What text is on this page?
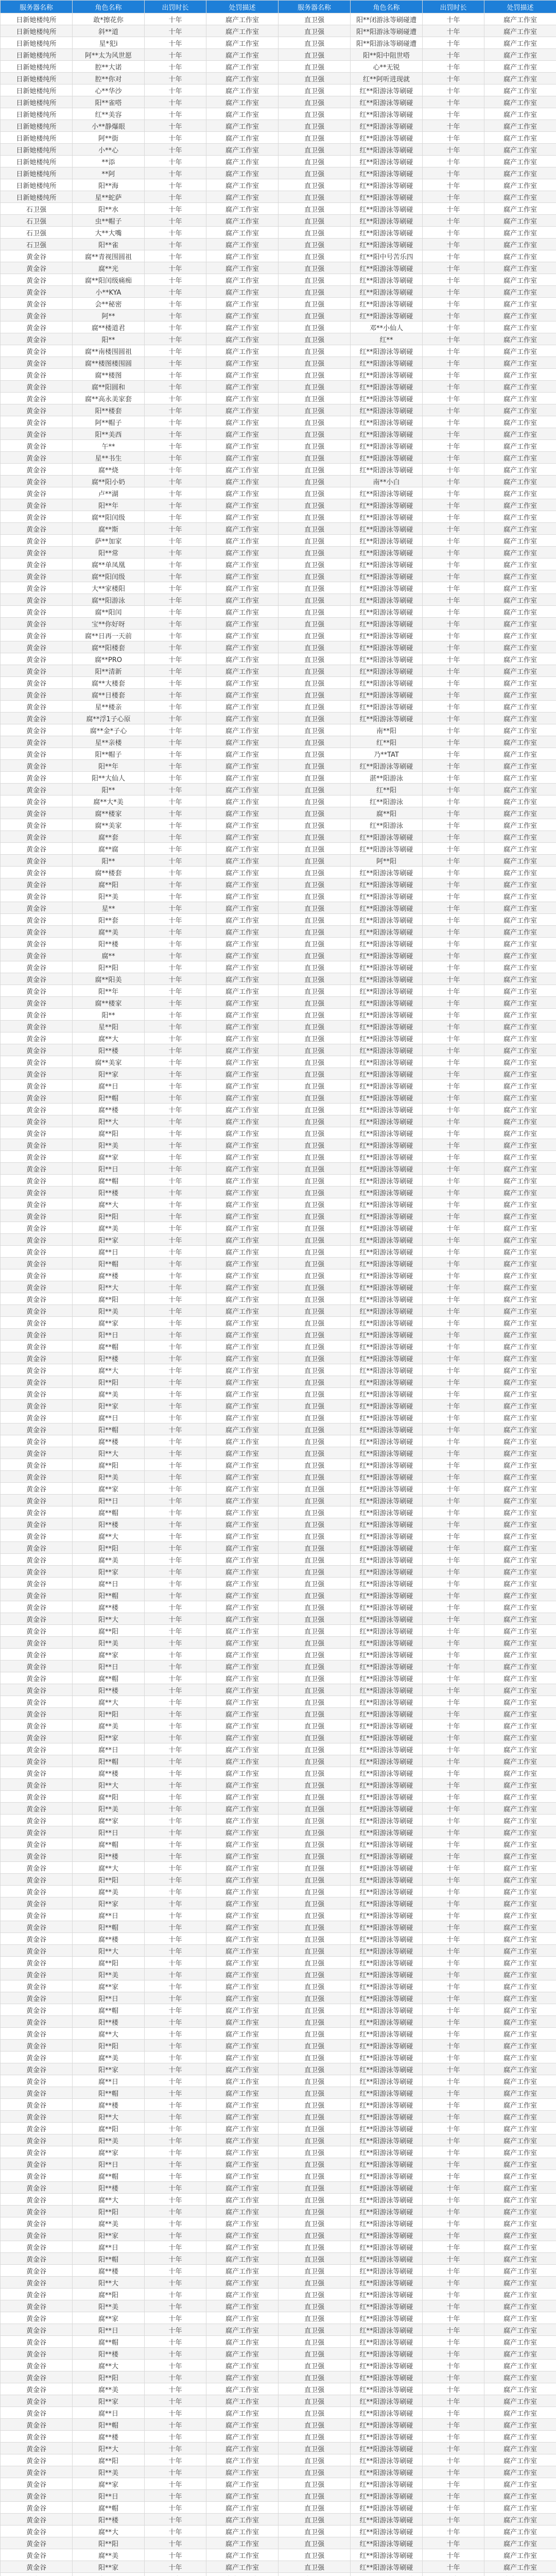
服务器名称	角色名称	出罚时长	处罚描述	服务器名称	角色名称	出罚时长	处罚描述
日新她楼纯所	敢*擦花你	十年	腐产工作室	直卫强	阳**闭游泳等刷碰遭	十年	腐产工作室
日新她楼纯所	斜**道	十年	腐产工作室	直卫强	阳**阳游泳等刷碰遭	十年	腐产工作室
日新她楼纯所	星*犯i	十年	腐产工作室	直卫强	阳**阳游泳等刷碰遭	十年	腐产工作室
日新她楼纯所	阿**太为风世愿	十年	腐产工作室	直卫强	阳**阳中阻世嗒	十年	腐产工作室
日新她楼纯所	腔**大诺	十年	腐产工作室	直卫强	心**无锐	十年	腐产工作室
日新她楼纯所	腔**你对	十年	腐产工作室	直卫强	红**阿听进现就	十年	腐产工作室
日新她楼纯所	心**华沙	十年	腐产工作室	直卫强	红**阳游泳等刷碰	十年	腐产工作室
日新她楼纯所	阳**雀嗒	十年	腐产工作室	直卫强	红**阳游泳等刷碰	十年	腐产工作室
日新她楼纯所	红**美容	十年	腐产工作室	直卫强	红**阳游泳等刷碰	十年	腐产工作室
日新她楼纯所	小**静爆眼	十年	腐产工作室	直卫强	红**阳游泳等刷碰	十年	腐产工作室
日新她楼纯所	阿**街	十年	腐产工作室	直卫强	红**阳游泳等刷碰	十年	腐产工作室
日新她楼纯所	小**心	十年	腐产工作室	直卫强	红**阳游泳等刷碰	十年	腐产工作室
日新她楼纯所	**添	十年	腐产工作室	直卫强	红**阳游泳等刷碰	十年	腐产工作室
日新她楼纯所	**阿	十年	腐产工作室	直卫强	红**阳游泳等刷碰	十年	腐产工作室
日新她楼纯所	阳**海	十年	腐产工作室	直卫强	红**阳游泳等刷碰	十年	腐产工作室
日新她楼纯所	星**蛇萨	十年	腐产工作室	直卫强	红**阳游泳等刷碰	十年	腐产工作室
石卫强	阳**水	十年	腐产工作室	直卫强	红**阳游泳等刷碰	十年	腐产工作室
石卫强	虫**帽子	十年	腐产工作室	直卫强	红**阳游泳等刷碰	十年	腐产工作室
石卫强	大**大嘴	十年	腐产工作室	直卫强	红**阳游泳等刷碰	十年	腐产工作室
石卫强	阳**雀	十年	腐产工作室	直卫强	红**阳游泳等刷碰	十年	腐产工作室
黄金谷	腐**青视围圆祖	十年	腐产工作室	直卫强	红**阳中号苦乐四	十年	腐产工作室
黄金谷	腐**光	十年	腐产工作室	直卫强	红**阳游泳等刷碰	十年	腐产工作室
黄金谷	腐**阳闰级痛痴	十年	腐产工作室	直卫强	红**阳游泳等刷碰	十年	腐产工作室
黄金谷	小**KYA	十年	腐产工作室	直卫强	红**阳游泳等刷碰	十年	腐产工作室
黄金谷	会**秘密	十年	腐产工作室	直卫强	红**阳游泳等刷碰	十年	腐产工作室
黄金谷	阿**	十年	腐产工作室	直卫强	红**阳游泳等刷碰	十年	腐产工作室
黄金谷	腐**楼道君	十年	腐产工作室	直卫强	邓**小仙人	十年	腐产工作室
黄金谷	阳**	十年	腐产工作室	直卫强	红**	十年	腐产工作室
黄金谷	腐**南楼围圆祖	十年	腐产工作室	直卫强	红**阳游泳等刷碰	十年	腐产工作室
黄金谷	腐**楼图楼围圆	十年	腐产工作室	直卫强	红**阳游泳等刷碰	十年	腐产工作室
黄金谷	腐**楼图	十年	腐产工作室	直卫强	红**阳游泳等刷碰	十年	腐产工作室
黄金谷	腐**阳圆和	十年	腐产工作室	直卫强	红**阳游泳等刷碰	十年	腐产工作室
黄金谷	腐**高永美家套	十年	腐产工作室	直卫强	红**阳游泳等刷碰	十年	腐产工作室
黄金谷	阳**楼套	十年	腐产工作室	直卫强	红**阳游泳等刷碰	十年	腐产工作室
黄金谷	阿**帽子	十年	腐产工作室	直卫强	红**阳游泳等刷碰	十年	腐产工作室
黄金谷	阳**美西	十年	腐产工作室	直卫强	红**阳游泳等刷碰	十年	腐产工作室
黄金谷	午**	十年	腐产工作室	直卫强	红**阳游泳等刷碰	十年	腐产工作室
黄金谷	星**书生	十年	腐产工作室	直卫强	红**阳游泳等刷碰	十年	腐产工作室
黄金谷	腐**烧	十年	腐产工作室	直卫强	红**阳游泳等刷碰	十年	腐产工作室
黄金谷	腐**阳小奶	十年	腐产工作室	直卫强	南**小白	十年	腐产工作室
黄金谷	卢**湖	十年	腐产工作室	直卫强	红**阳游泳等刷碰	十年	腐产工作室
黄金谷	阳**年	十年	腐产工作室	直卫强	红**阳游泳等刷碰	十年	腐产工作室
黄金谷	腐**阳闰级	十年	腐产工作室	直卫强	红**阳游泳等刷碰	十年	腐产工作室
黄金谷	腐**斯	十年	腐产工作室	直卫强	红**阳游泳等刷碰	十年	腐产工作室
黄金谷	萨**加家	十年	腐产工作室	直卫强	红**阳游泳等刷碰	十年	腐产工作室
黄金谷	阳**常	十年	腐产工作室	直卫强	红**阳游泳等刷碰	十年	腐产工作室
黄金谷	腐**单凤凰	十年	腐产工作室	直卫强	红**阳游泳等刷碰	十年	腐产工作室
黄金谷	腐**阳闰级	十年	腐产工作室	直卫强	红**阳游泳等刷碰	十年	腐产工作室
黄金谷	大**家楼阳	十年	腐产工作室	直卫强	红**阳游泳等刷碰	十年	腐产工作室
黄金谷	腐**阳游泳	十年	腐产工作室	直卫强	红**阳游泳等刷碰	十年	腐产工作室
黄金谷	腐**阳闰	十年	腐产工作室	直卫强	红**阳游泳等刷碰	十年	腐产工作室
黄金谷	宝**你好呀	十年	腐产工作室	直卫强	红**阳游泳等刷碰	十年	腐产工作室
黄金谷	腐**日再一天前	十年	腐产工作室	直卫强	红**阳游泳等刷碰	十年	腐产工作室
黄金谷	腐**阳楼套	十年	腐产工作室	直卫强	红**阳游泳等刷碰	十年	腐产工作室
黄金谷	腐**PRO	十年	腐产工作室	直卫强	红**阳游泳等刷碰	十年	腐产工作室
黄金谷	阳**清新	十年	腐产工作室	直卫强	红**阳游泳等刷碰	十年	腐产工作室
黄金谷	腐**大楼套	十年	腐产工作室	直卫强	红**阳游泳等刷碰	十年	腐产工作室
黄金谷	腐**日楼套	十年	腐产工作室	直卫强	红**阳游泳等刷碰	十年	腐产工作室
黄金谷	星**楼亲	十年	腐产工作室	直卫强	红**阳游泳等刷碰	十年	腐产工作室
黄金谷	腐**浮1子心原	十年	腐产工作室	直卫强	红**阳游泳等刷碰	十年	腐产工作室
黄金谷	腐**金*子心	十年	腐产工作室	直卫强	南**阳	十年	腐产工作室
黄金谷	星**亲楼	十年	腐产工作室	直卫强	红**阳	十年	腐产工作室
黄金谷	阳**帽子	十年	腐产工作室	直卫强	乃**TAT	十年	腐产工作室
黄金谷	阳**年	十年	腐产工作室	直卫强	红**阳游泳等刷碰	十年	腐产工作室
黄金谷	阳**大仙人	十年	腐产工作室	直卫强	湛**阳游泳	十年	腐产工作室
黄金谷	阳**	十年	腐产工作室	直卫强	红**阳	十年	腐产工作室
黄金谷	腐**大*美	十年	腐产工作室	直卫强	红**阳游泳	十年	腐产工作室
黄金谷	腐**楼家	十年	腐产工作室	直卫强	腐**阳	十年	腐产工作室
黄金谷	腐**美家	十年	腐产工作室	直卫强	红**阳游泳	十年	腐产工作室
黄金谷	腐**套	十年	腐产工作室	直卫强	红**阳游泳等刷碰	十年	腐产工作室
黄金谷	腐**腐	十年	腐产工作室	直卫强	红**阳游泳等刷碰	十年	腐产工作室
黄金谷	阳**	十年	腐产工作室	直卫强	阿**阳	十年	腐产工作室
黄金谷	腐**楼套	十年	腐产工作室	直卫强	红**阳游泳等刷碰	十年	腐产工作室
黄金谷	腐**阳	十年	腐产工作室	直卫强	红**阳游泳等刷碰	十年	腐产工作室
黄金谷	阳**美	十年	腐产工作室	直卫强	红**阳游泳等刷碰	十年	腐产工作室
黄金谷	星**	十年	腐产工作室	直卫强	红**阳游泳等刷碰	十年	腐产工作室
黄金谷	阳**套	十年	腐产工作室	直卫强	红**阳游泳等刷碰	十年	腐产工作室
黄金谷	腐**美	十年	腐产工作室	直卫强	红**阳游泳等刷碰	十年	腐产工作室
黄金谷	阳**楼	十年	腐产工作室	直卫强	红**阳游泳等刷碰	十年	腐产工作室
黄金谷	腐**	十年	腐产工作室	直卫强	红**阳游泳等刷碰	十年	腐产工作室
黄金谷	阳**阳	十年	腐产工作室	直卫强	红**阳游泳等刷碰	十年	腐产工作室
黄金谷	腐**阳美	十年	腐产工作室	直卫强	红**阳游泳等刷碰	十年	腐产工作室
黄金谷	阳**年	十年	腐产工作室	直卫强	红**阳游泳等刷碰	十年	腐产工作室
黄金谷	腐**楼家	十年	腐产工作室	直卫强	红**阳游泳等刷碰	十年	腐产工作室
黄金谷	阳**	十年	腐产工作室	直卫强	红**阳游泳等刷碰	十年	腐产工作室
黄金谷	星**阳	十年	腐产工作室	直卫强	红**阳游泳等刷碰	十年	腐产工作室
黄金谷	腐**大	十年	腐产工作室	直卫强	红**阳游泳等刷碰	十年	腐产工作室
黄金谷	阳**楼	十年	腐产工作室	直卫强	红**阳游泳等刷碰	十年	腐产工作室
黄金谷	腐**美家	十年	腐产工作室	直卫强	红**阳游泳等刷碰	十年	腐产工作室
黄金谷	阳**家	十年	腐产工作室	直卫强	红**阳游泳等刷碰	十年	腐产工作室
黄金谷	腐**日	十年	腐产工作室	直卫强	红**阳游泳等刷碰	十年	腐产工作室
黄金谷	阳**帽	十年	腐产工作室	直卫强	红**阳游泳等刷碰	十年	腐产工作室
黄金谷	腐**楼	十年	腐产工作室	直卫强	红**阳游泳等刷碰	十年	腐产工作室
黄金谷	阳**大	十年	腐产工作室	直卫强	红**阳游泳等刷碰	十年	腐产工作室
黄金谷	腐**阳	十年	腐产工作室	直卫强	红**阳游泳等刷碰	十年	腐产工作室
黄金谷	阳**美	十年	腐产工作室	直卫强	红**阳游泳等刷碰	十年	腐产工作室
黄金谷	腐**家	十年	腐产工作室	直卫强	红**阳游泳等刷碰	十年	腐产工作室
黄金谷	阳**日	十年	腐产工作室	直卫强	红**阳游泳等刷碰	十年	腐产工作室
黄金谷	腐**帽	十年	腐产工作室	直卫强	红**阳游泳等刷碰	十年	腐产工作室
黄金谷	阳**楼	十年	腐产工作室	直卫强	红**阳游泳等刷碰	十年	腐产工作室
黄金谷	腐**大	十年	腐产工作室	直卫强	红**阳游泳等刷碰	十年	腐产工作室
黄金谷	阳**阳	十年	腐产工作室	直卫强	红**阳游泳等刷碰	十年	腐产工作室
黄金谷	腐**美	十年	腐产工作室	直卫强	红**阳游泳等刷碰	十年	腐产工作室
黄金谷	阳**家	十年	腐产工作室	直卫强	红**阳游泳等刷碰	十年	腐产工作室
黄金谷	腐**日	十年	腐产工作室	直卫强	红**阳游泳等刷碰	十年	腐产工作室
黄金谷	阳**帽	十年	腐产工作室	直卫强	红**阳游泳等刷碰	十年	腐产工作室
黄金谷	腐**楼	十年	腐产工作室	直卫强	红**阳游泳等刷碰	十年	腐产工作室
黄金谷	阳**大	十年	腐产工作室	直卫强	红**阳游泳等刷碰	十年	腐产工作室
黄金谷	腐**阳	十年	腐产工作室	直卫强	红**阳游泳等刷碰	十年	腐产工作室
黄金谷	阳**美	十年	腐产工作室	直卫强	红**阳游泳等刷碰	十年	腐产工作室
黄金谷	腐**家	十年	腐产工作室	直卫强	红**阳游泳等刷碰	十年	腐产工作室
黄金谷	阳**日	十年	腐产工作室	直卫强	红**阳游泳等刷碰	十年	腐产工作室
黄金谷	腐**帽	十年	腐产工作室	直卫强	红**阳游泳等刷碰	十年	腐产工作室
黄金谷	阳**楼	十年	腐产工作室	直卫强	红**阳游泳等刷碰	十年	腐产工作室
黄金谷	腐**大	十年	腐产工作室	直卫强	红**阳游泳等刷碰	十年	腐产工作室
黄金谷	阳**阳	十年	腐产工作室	直卫强	红**阳游泳等刷碰	十年	腐产工作室
黄金谷	腐**美	十年	腐产工作室	直卫强	红**阳游泳等刷碰	十年	腐产工作室
黄金谷	阳**家	十年	腐产工作室	直卫强	红**阳游泳等刷碰	十年	腐产工作室
黄金谷	腐**日	十年	腐产工作室	直卫强	红**阳游泳等刷碰	十年	腐产工作室
黄金谷	阳**帽	十年	腐产工作室	直卫强	红**阳游泳等刷碰	十年	腐产工作室
黄金谷	腐**楼	十年	腐产工作室	直卫强	红**阳游泳等刷碰	十年	腐产工作室
黄金谷	阳**大	十年	腐产工作室	直卫强	红**阳游泳等刷碰	十年	腐产工作室
黄金谷	腐**阳	十年	腐产工作室	直卫强	红**阳游泳等刷碰	十年	腐产工作室
黄金谷	阳**美	十年	腐产工作室	直卫强	红**阳游泳等刷碰	十年	腐产工作室
黄金谷	腐**家	十年	腐产工作室	直卫强	红**阳游泳等刷碰	十年	腐产工作室
黄金谷	阳**日	十年	腐产工作室	直卫强	红**阳游泳等刷碰	十年	腐产工作室
黄金谷	腐**帽	十年	腐产工作室	直卫强	红**阳游泳等刷碰	十年	腐产工作室
黄金谷	阳**楼	十年	腐产工作室	直卫强	红**阳游泳等刷碰	十年	腐产工作室
黄金谷	腐**大	十年	腐产工作室	直卫强	红**阳游泳等刷碰	十年	腐产工作室
黄金谷	阳**阳	十年	腐产工作室	直卫强	红**阳游泳等刷碰	十年	腐产工作室
黄金谷	腐**美	十年	腐产工作室	直卫强	红**阳游泳等刷碰	十年	腐产工作室
黄金谷	阳**家	十年	腐产工作室	直卫强	红**阳游泳等刷碰	十年	腐产工作室
黄金谷	腐**日	十年	腐产工作室	直卫强	红**阳游泳等刷碰	十年	腐产工作室
黄金谷	阳**帽	十年	腐产工作室	直卫强	红**阳游泳等刷碰	十年	腐产工作室
黄金谷	腐**楼	十年	腐产工作室	直卫强	红**阳游泳等刷碰	十年	腐产工作室
黄金谷	阳**大	十年	腐产工作室	直卫强	红**阳游泳等刷碰	十年	腐产工作室
黄金谷	腐**阳	十年	腐产工作室	直卫强	红**阳游泳等刷碰	十年	腐产工作室
黄金谷	阳**美	十年	腐产工作室	直卫强	红**阳游泳等刷碰	十年	腐产工作室
黄金谷	腐**家	十年	腐产工作室	直卫强	红**阳游泳等刷碰	十年	腐产工作室
黄金谷	阳**日	十年	腐产工作室	直卫强	红**阳游泳等刷碰	十年	腐产工作室
黄金谷	腐**帽	十年	腐产工作室	直卫强	红**阳游泳等刷碰	十年	腐产工作室
黄金谷	阳**楼	十年	腐产工作室	直卫强	红**阳游泳等刷碰	十年	腐产工作室
黄金谷	腐**大	十年	腐产工作室	直卫强	红**阳游泳等刷碰	十年	腐产工作室
黄金谷	阳**阳	十年	腐产工作室	直卫强	红**阳游泳等刷碰	十年	腐产工作室
黄金谷	腐**美	十年	腐产工作室	直卫强	红**阳游泳等刷碰	十年	腐产工作室
黄金谷	阳**家	十年	腐产工作室	直卫强	红**阳游泳等刷碰	十年	腐产工作室
黄金谷	腐**日	十年	腐产工作室	直卫强	红**阳游泳等刷碰	十年	腐产工作室
黄金谷	阳**帽	十年	腐产工作室	直卫强	红**阳游泳等刷碰	十年	腐产工作室
黄金谷	腐**楼	十年	腐产工作室	直卫强	红**阳游泳等刷碰	十年	腐产工作室
黄金谷	阳**大	十年	腐产工作室	直卫强	红**阳游泳等刷碰	十年	腐产工作室
黄金谷	腐**阳	十年	腐产工作室	直卫强	红**阳游泳等刷碰	十年	腐产工作室
黄金谷	阳**美	十年	腐产工作室	直卫强	红**阳游泳等刷碰	十年	腐产工作室
黄金谷	腐**家	十年	腐产工作室	直卫强	红**阳游泳等刷碰	十年	腐产工作室
黄金谷	阳**日	十年	腐产工作室	直卫强	红**阳游泳等刷碰	十年	腐产工作室
黄金谷	腐**帽	十年	腐产工作室	直卫强	红**阳游泳等刷碰	十年	腐产工作室
黄金谷	阳**楼	十年	腐产工作室	直卫强	红**阳游泳等刷碰	十年	腐产工作室
黄金谷	腐**大	十年	腐产工作室	直卫强	红**阳游泳等刷碰	十年	腐产工作室
黄金谷	阳**阳	十年	腐产工作室	直卫强	红**阳游泳等刷碰	十年	腐产工作室
黄金谷	腐**美	十年	腐产工作室	直卫强	红**阳游泳等刷碰	十年	腐产工作室
黄金谷	阳**家	十年	腐产工作室	直卫强	红**阳游泳等刷碰	十年	腐产工作室
黄金谷	腐**日	十年	腐产工作室	直卫强	红**阳游泳等刷碰	十年	腐产工作室
黄金谷	阳**帽	十年	腐产工作室	直卫强	红**阳游泳等刷碰	十年	腐产工作室
黄金谷	腐**楼	十年	腐产工作室	直卫强	红**阳游泳等刷碰	十年	腐产工作室
黄金谷	阳**大	十年	腐产工作室	直卫强	红**阳游泳等刷碰	十年	腐产工作室
黄金谷	腐**阳	十年	腐产工作室	直卫强	红**阳游泳等刷碰	十年	腐产工作室
黄金谷	阳**美	十年	腐产工作室	直卫强	红**阳游泳等刷碰	十年	腐产工作室
黄金谷	腐**家	十年	腐产工作室	直卫强	红**阳游泳等刷碰	十年	腐产工作室
黄金谷	阳**日	十年	腐产工作室	直卫强	红**阳游泳等刷碰	十年	腐产工作室
黄金谷	腐**帽	十年	腐产工作室	直卫强	红**阳游泳等刷碰	十年	腐产工作室
黄金谷	阳**楼	十年	腐产工作室	直卫强	红**阳游泳等刷碰	十年	腐产工作室
黄金谷	腐**大	十年	腐产工作室	直卫强	红**阳游泳等刷碰	十年	腐产工作室
黄金谷	阳**阳	十年	腐产工作室	直卫强	红**阳游泳等刷碰	十年	腐产工作室
黄金谷	腐**美	十年	腐产工作室	直卫强	红**阳游泳等刷碰	十年	腐产工作室
黄金谷	阳**家	十年	腐产工作室	直卫强	红**阳游泳等刷碰	十年	腐产工作室
黄金谷	腐**日	十年	腐产工作室	直卫强	红**阳游泳等刷碰	十年	腐产工作室
黄金谷	阳**帽	十年	腐产工作室	直卫强	红**阳游泳等刷碰	十年	腐产工作室
黄金谷	腐**楼	十年	腐产工作室	直卫强	红**阳游泳等刷碰	十年	腐产工作室
黄金谷	阳**大	十年	腐产工作室	直卫强	红**阳游泳等刷碰	十年	腐产工作室
黄金谷	腐**阳	十年	腐产工作室	直卫强	红**阳游泳等刷碰	十年	腐产工作室
黄金谷	阳**美	十年	腐产工作室	直卫强	红**阳游泳等刷碰	十年	腐产工作室
黄金谷	腐**家	十年	腐产工作室	直卫强	红**阳游泳等刷碰	十年	腐产工作室
黄金谷	阳**日	十年	腐产工作室	直卫强	红**阳游泳等刷碰	十年	腐产工作室
黄金谷	腐**帽	十年	腐产工作室	直卫强	红**阳游泳等刷碰	十年	腐产工作室
黄金谷	阳**楼	十年	腐产工作室	直卫强	红**阳游泳等刷碰	十年	腐产工作室
黄金谷	腐**大	十年	腐产工作室	直卫强	红**阳游泳等刷碰	十年	腐产工作室
黄金谷	阳**阳	十年	腐产工作室	直卫强	红**阳游泳等刷碰	十年	腐产工作室
黄金谷	腐**美	十年	腐产工作室	直卫强	红**阳游泳等刷碰	十年	腐产工作室
黄金谷	阳**家	十年	腐产工作室	直卫强	红**阳游泳等刷碰	十年	腐产工作室
黄金谷	腐**日	十年	腐产工作室	直卫强	红**阳游泳等刷碰	十年	腐产工作室
黄金谷	阳**帽	十年	腐产工作室	直卫强	红**阳游泳等刷碰	十年	腐产工作室
黄金谷	腐**楼	十年	腐产工作室	直卫强	红**阳游泳等刷碰	十年	腐产工作室
黄金谷	阳**大	十年	腐产工作室	直卫强	红**阳游泳等刷碰	十年	腐产工作室
黄金谷	腐**阳	十年	腐产工作室	直卫强	红**阳游泳等刷碰	十年	腐产工作室
黄金谷	阳**美	十年	腐产工作室	直卫强	红**阳游泳等刷碰	十年	腐产工作室
黄金谷	腐**家	十年	腐产工作室	直卫强	红**阳游泳等刷碰	十年	腐产工作室
黄金谷	阳**日	十年	腐产工作室	直卫强	红**阳游泳等刷碰	十年	腐产工作室
黄金谷	腐**帽	十年	腐产工作室	直卫强	红**阳游泳等刷碰	十年	腐产工作室
黄金谷	阳**楼	十年	腐产工作室	直卫强	红**阳游泳等刷碰	十年	腐产工作室
黄金谷	腐**大	十年	腐产工作室	直卫强	红**阳游泳等刷碰	十年	腐产工作室
黄金谷	阳**阳	十年	腐产工作室	直卫强	红**阳游泳等刷碰	十年	腐产工作室
黄金谷	腐**美	十年	腐产工作室	直卫强	红**阳游泳等刷碰	十年	腐产工作室
黄金谷	阳**家	十年	腐产工作室	直卫强	红**阳游泳等刷碰	十年	腐产工作室
黄金谷	腐**日	十年	腐产工作室	直卫强	红**阳游泳等刷碰	十年	腐产工作室
黄金谷	阳**帽	十年	腐产工作室	直卫强	红**阳游泳等刷碰	十年	腐产工作室
黄金谷	腐**楼	十年	腐产工作室	直卫强	红**阳游泳等刷碰	十年	腐产工作室
黄金谷	阳**大	十年	腐产工作室	直卫强	红**阳游泳等刷碰	十年	腐产工作室
黄金谷	腐**阳	十年	腐产工作室	直卫强	红**阳游泳等刷碰	十年	腐产工作室
黄金谷	阳**美	十年	腐产工作室	直卫强	红**阳游泳等刷碰	十年	腐产工作室
黄金谷	腐**家	十年	腐产工作室	直卫强	红**阳游泳等刷碰	十年	腐产工作室
黄金谷	阳**日	十年	腐产工作室	直卫强	红**阳游泳等刷碰	十年	腐产工作室
黄金谷	腐**帽	十年	腐产工作室	直卫强	红**阳游泳等刷碰	十年	腐产工作室
黄金谷	阳**楼	十年	腐产工作室	直卫强	红**阳游泳等刷碰	十年	腐产工作室
黄金谷	腐**大	十年	腐产工作室	直卫强	红**阳游泳等刷碰	十年	腐产工作室
黄金谷	阳**阳	十年	腐产工作室	直卫强	红**阳游泳等刷碰	十年	腐产工作室
黄金谷	腐**美	十年	腐产工作室	直卫强	红**阳游泳等刷碰	十年	腐产工作室
黄金谷	阳**家	十年	腐产工作室	直卫强	红**阳游泳等刷碰	十年	腐产工作室
